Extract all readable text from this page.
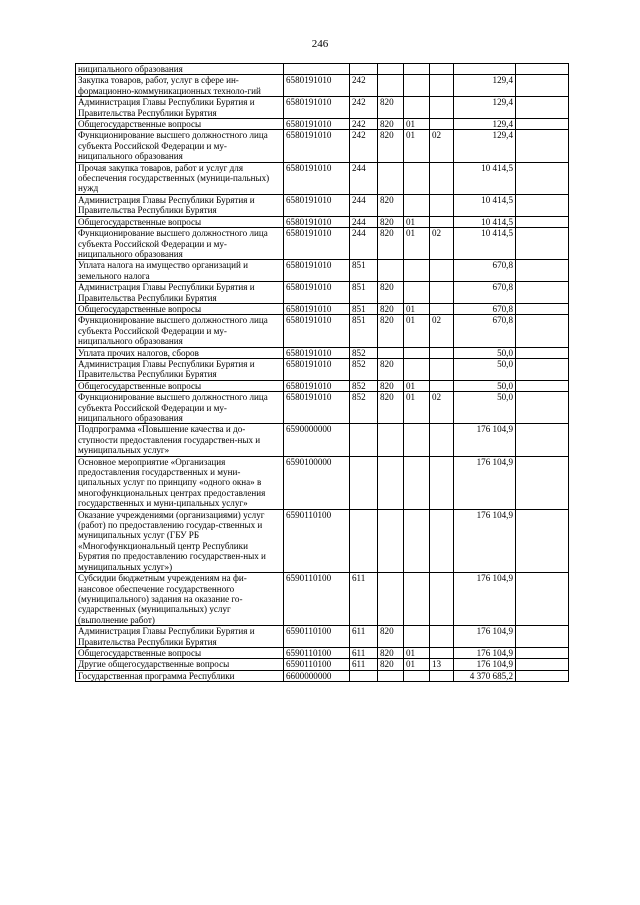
246
ниципального образования							
Закупка товаров, работ, услуг в сфере ин-формационно-коммуникационных техноло-гий	6580191010	242				129,4	
Администрация Главы Республики Бурятия и Правительства Республики Бурятия	6580191010	242	820			129,4	
Общегосударственные вопросы	6580191010	242	820	01		129,4	
Функционирование высшего должностного лица субъекта Российской Федерации и му-ниципального образования	6580191010	242	820	01	02	129,4	
Прочая закупка товаров, работ и услуг для обеспечения государственных (муници-пальных) нужд	6580191010	244				10 414,5	
Администрация Главы Республики Бурятия и Правительства Республики Бурятия	6580191010	244	820			10 414,5	
Общегосударственные вопросы	6580191010	244	820	01		10 414,5	
Функционирование высшего должностного лица субъекта Российской Федерации и му-ниципального образования	6580191010	244	820	01	02	10 414,5	
Уплата налога на имущество организаций и земельного налога	6580191010	851				670,8	
Администрация Главы Республики Бурятия и Правительства Республики Бурятия	6580191010	851	820			670,8	
Общегосударственные вопросы	6580191010	851	820	01		670,8	
Функционирование высшего должностного лица субъекта Российской Федерации и му-ниципального образования	6580191010	851	820	01	02	670,8	
Уплата прочих налогов, сборов	6580191010	852				50,0	
Администрация Главы Республики Бурятия и Правительства Республики Бурятия	6580191010	852	820			50,0	
Общегосударственные вопросы	6580191010	852	820	01		50,0	
Функционирование высшего должностного лица субъекта Российской Федерации и му-ниципального образования	6580191010	852	820	01	02	50,0	
Подпрограмма «Повышение качества и до-ступности предоставления государствен-ных и муниципальных услуг»	6590000000					176 104,9	
Основное мероприятие «Организация предоставления государственных и муни-ципальных услуг по принципу «одного окна» в многофункциональных центрах предоставления государственных и муни-ципальных услуг»	6590100000					176 104,9	
Оказание учреждениями (организациями) услуг (работ) по предоставлению государ-ственных и муниципальных услуг (ГБУ РБ «Многофункциональный центр Республики Бурятия по предоставлению государствен-ных и муниципальных услуг»)	6590110100					176 104,9	
Субсидии бюджетным учреждениям на фи-нансовое обеспечение государственного (муниципального) задания на оказание го-сударственных (муниципальных) услуг (выполнение работ)	6590110100	611				176 104,9	
Администрация Главы Республики Бурятия и Правительства Республики Бурятия	6590110100	611	820			176 104,9	
Общегосударственные вопросы	6590110100	611	820	01		176 104,9	
Другие общегосударственные вопросы	6590110100	611	820	01	13	176 104,9	
Государственная программа Республики	6600000000					4 370 685,2	
